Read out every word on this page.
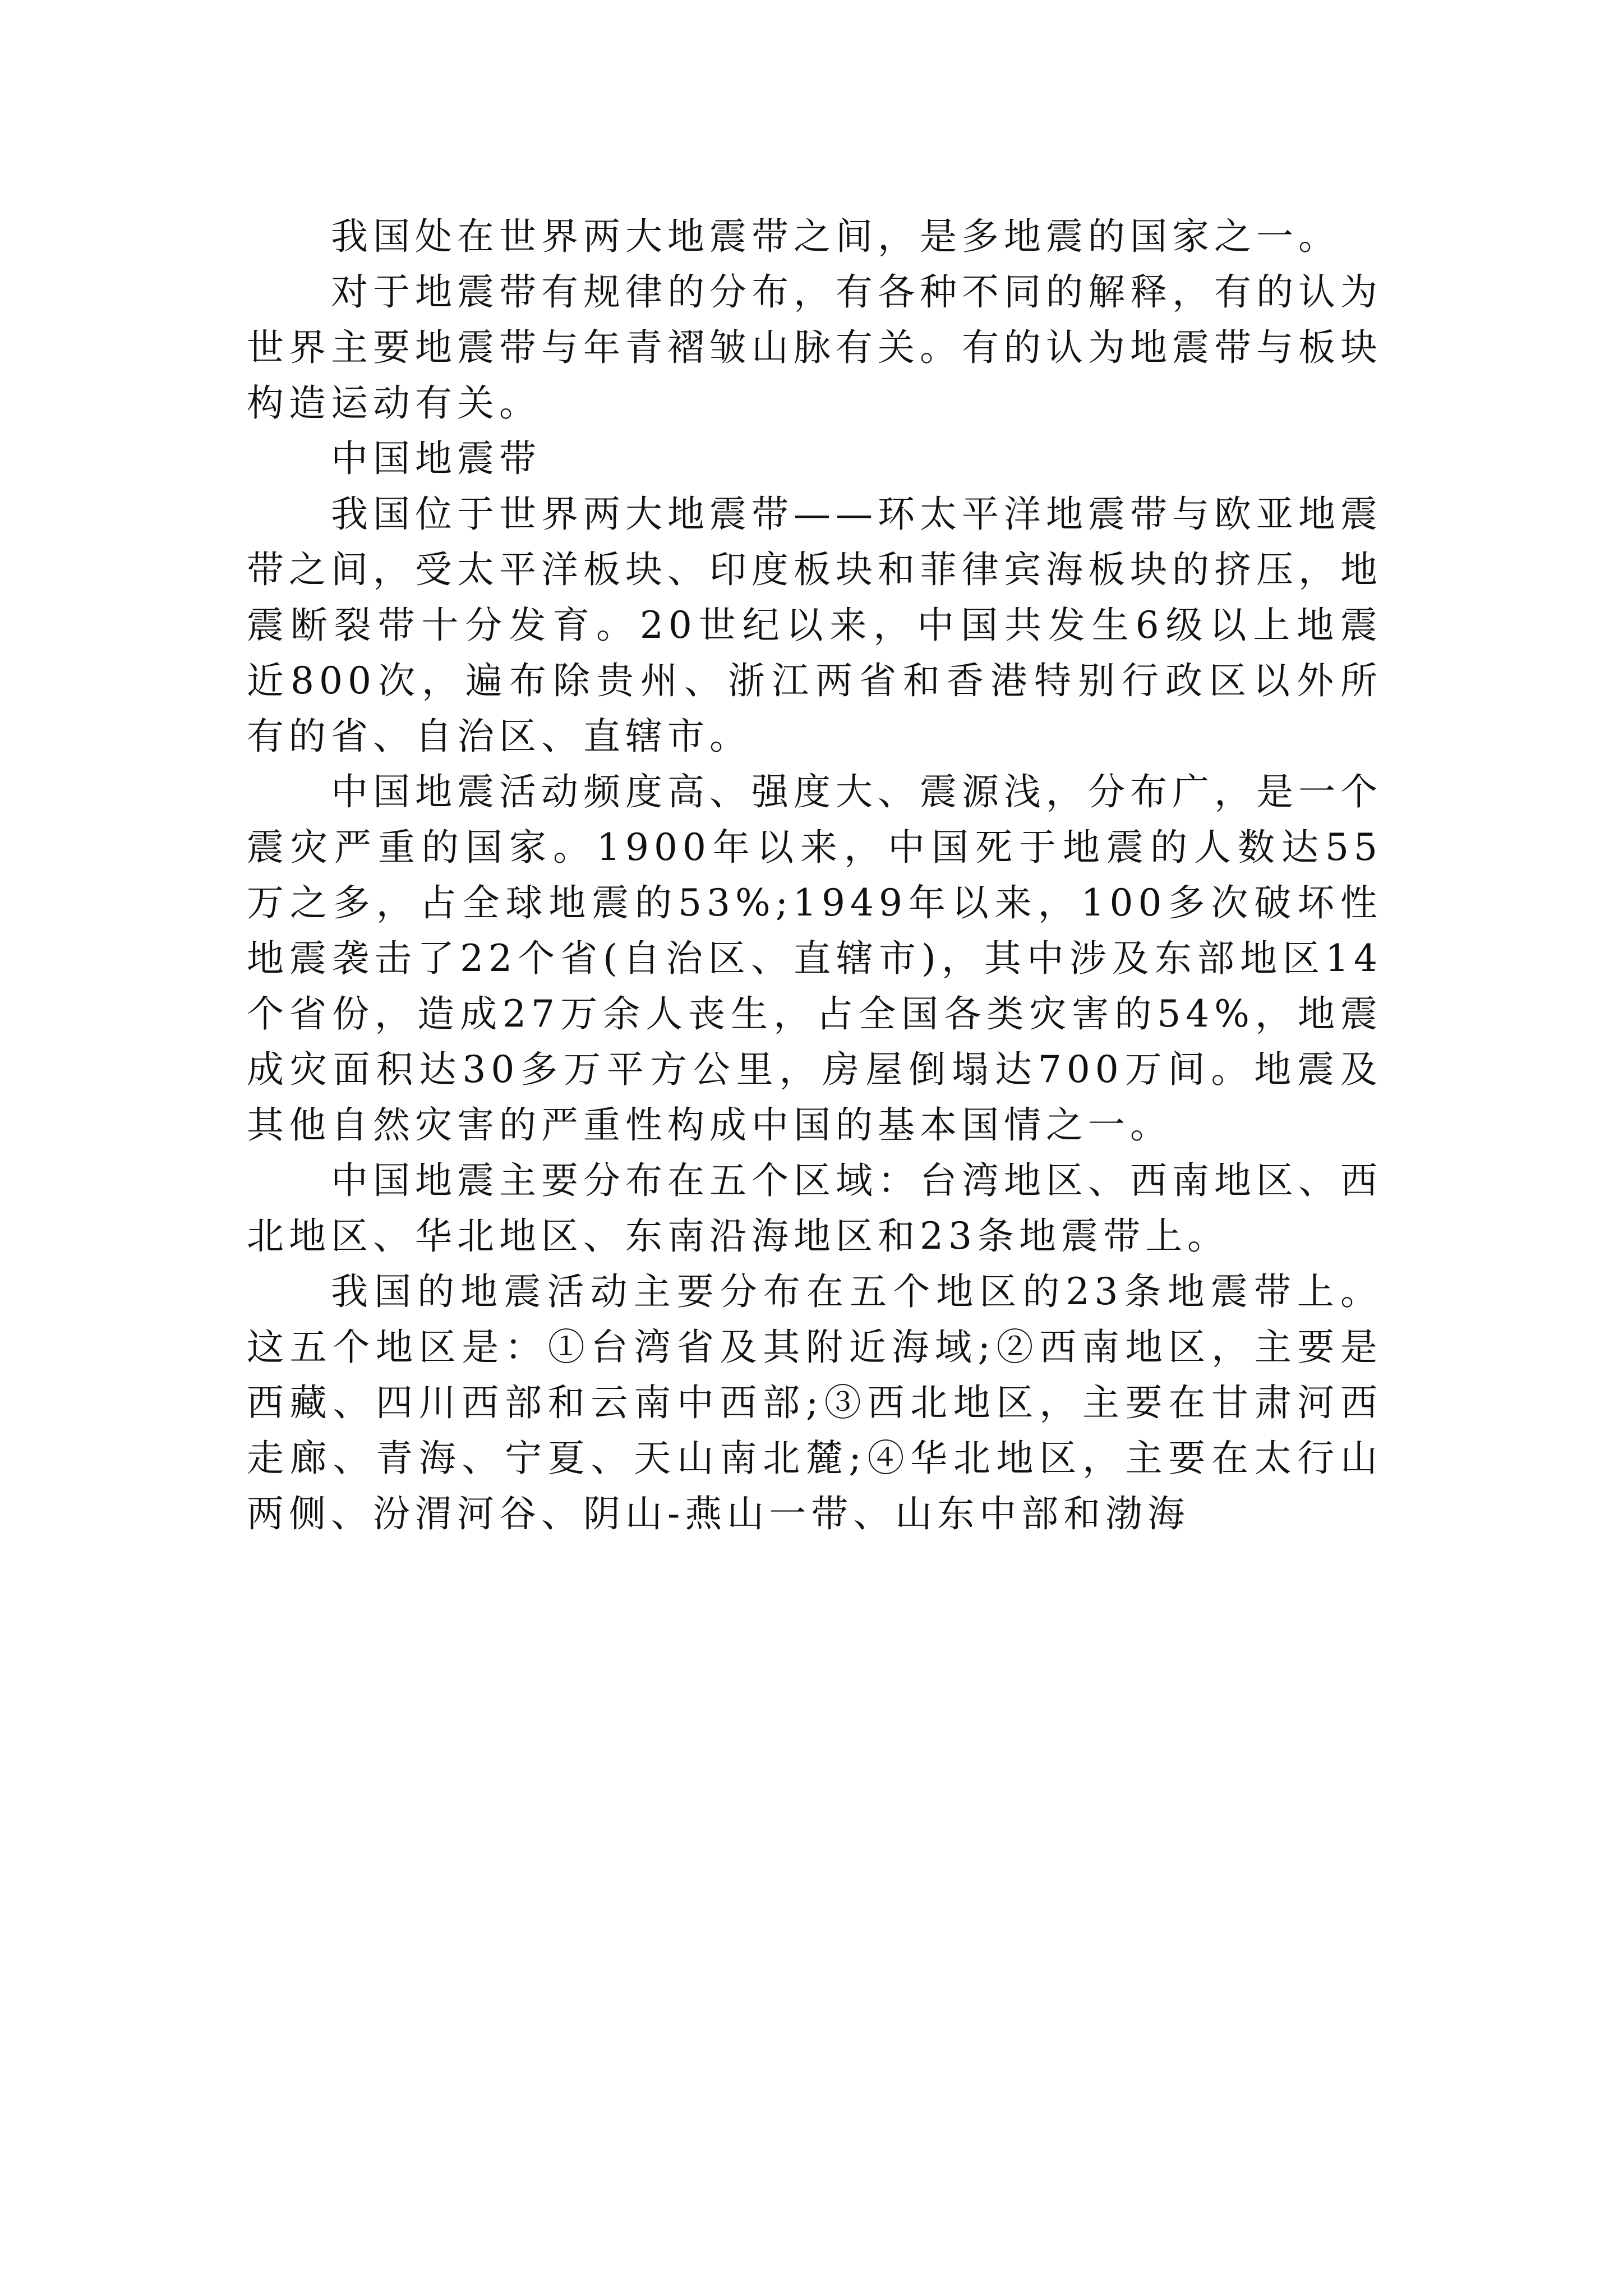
我国处在世界两大地震带之间，是多地震的国家之一。

对于地震带有规律的分布，有各种不同的解释，有的认为世界主要地震带与年青褶皱山脉有关。有的认为地震带与板块构造运动有关。

中国地震带

我国位于世界两大地震带——环太平洋地震带与欧亚地震带之间，受太平洋板块、印度板块和菲律宾海板块的挤压，地震断裂带十分发育。20世纪以来，中国共发生6级以上地震近800次，遍布除贵州、浙江两省和香港特别行政区以外所有的省、自治区、直辖市。

中国地震活动频度高、强度大、震源浅，分布广，是一个震灾严重的国家。1900年以来，中国死于地震的人数达55万之多，占全球地震的53%;1949年以来，100多次破坏性地震袭击了22个省(自治区、直辖市)，其中涉及东部地区14个省份，造成27万余人丧生，占全国各类灾害的54%，地震成灾面积达30多万平方公里，房屋倒塌达700万间。地震及其他自然灾害的严重性构成中国的基本国情之一。

中国地震主要分布在五个区域：台湾地区、西南地区、西北地区、华北地区、东南沿海地区和23条地震带上。

我国的地震活动主要分布在五个地区的23条地震带上。这五个地区是：①台湾省及其附近海域;②西南地区，主要是西藏、四川西部和云南中西部;③西北地区，主要在甘肃河西走廊、青海、宁夏、天山南北麓;④华北地区，主要在太行山两侧、汾渭河谷、阴山-燕山一带、山东中部和渤海
